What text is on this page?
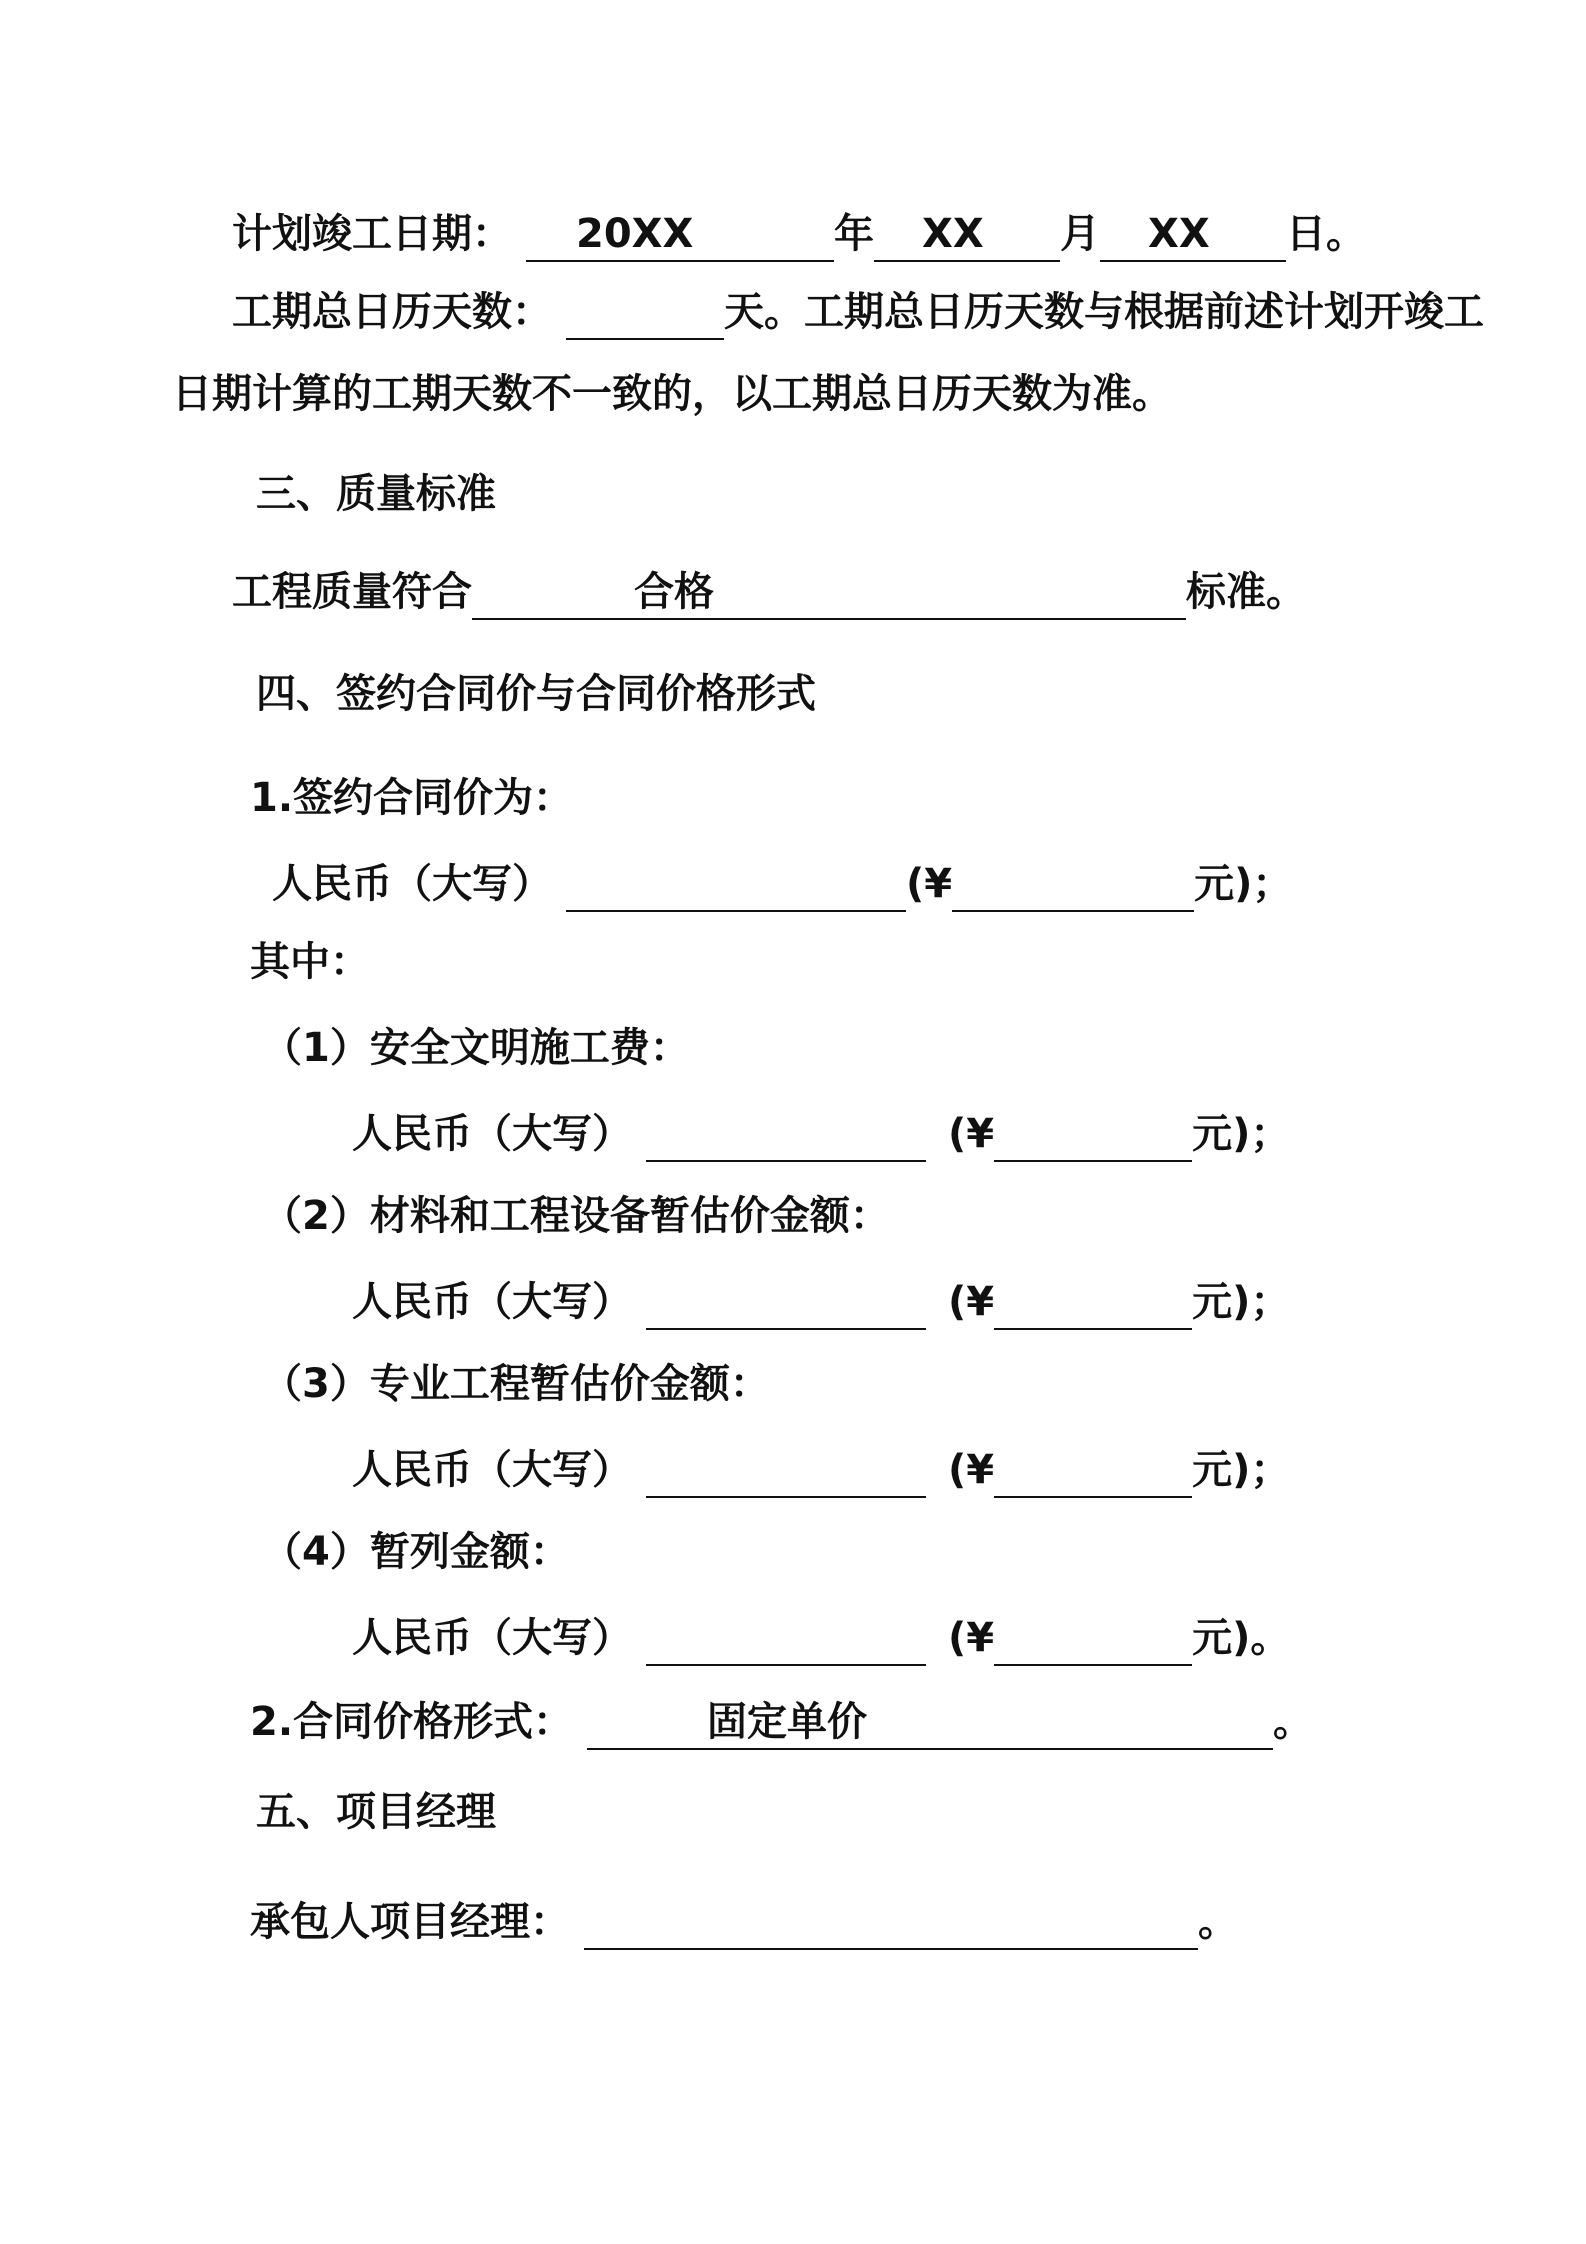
计划竣工日期： 20XX	年 XX 月 XX 日。
工期总日历天数：	天。工期总日历天数与根据前述计划开竣工
日期计算的工期天数不一致的，以工期总日历天数为准。
三、质量标准
工程质量符合	合格	标准。
四、签约合同价与合同价格形式
1.签约合同价为：
人民币（大写）	(¥	元)；
其中：
（1）安全文明施工费：
人民币（大写）	(¥	元)；
（2）材料和工程设备暂估价金额：
人民币（大写）	(¥	元)；
（3）专业工程暂估价金额：
人民币（大写）	(¥	元)；
（4）暂列金额：
人民币（大写）	(¥	元)。
2.合同价格形式：	固定单价	。
五、项目经理
承包人项目经理：	。
